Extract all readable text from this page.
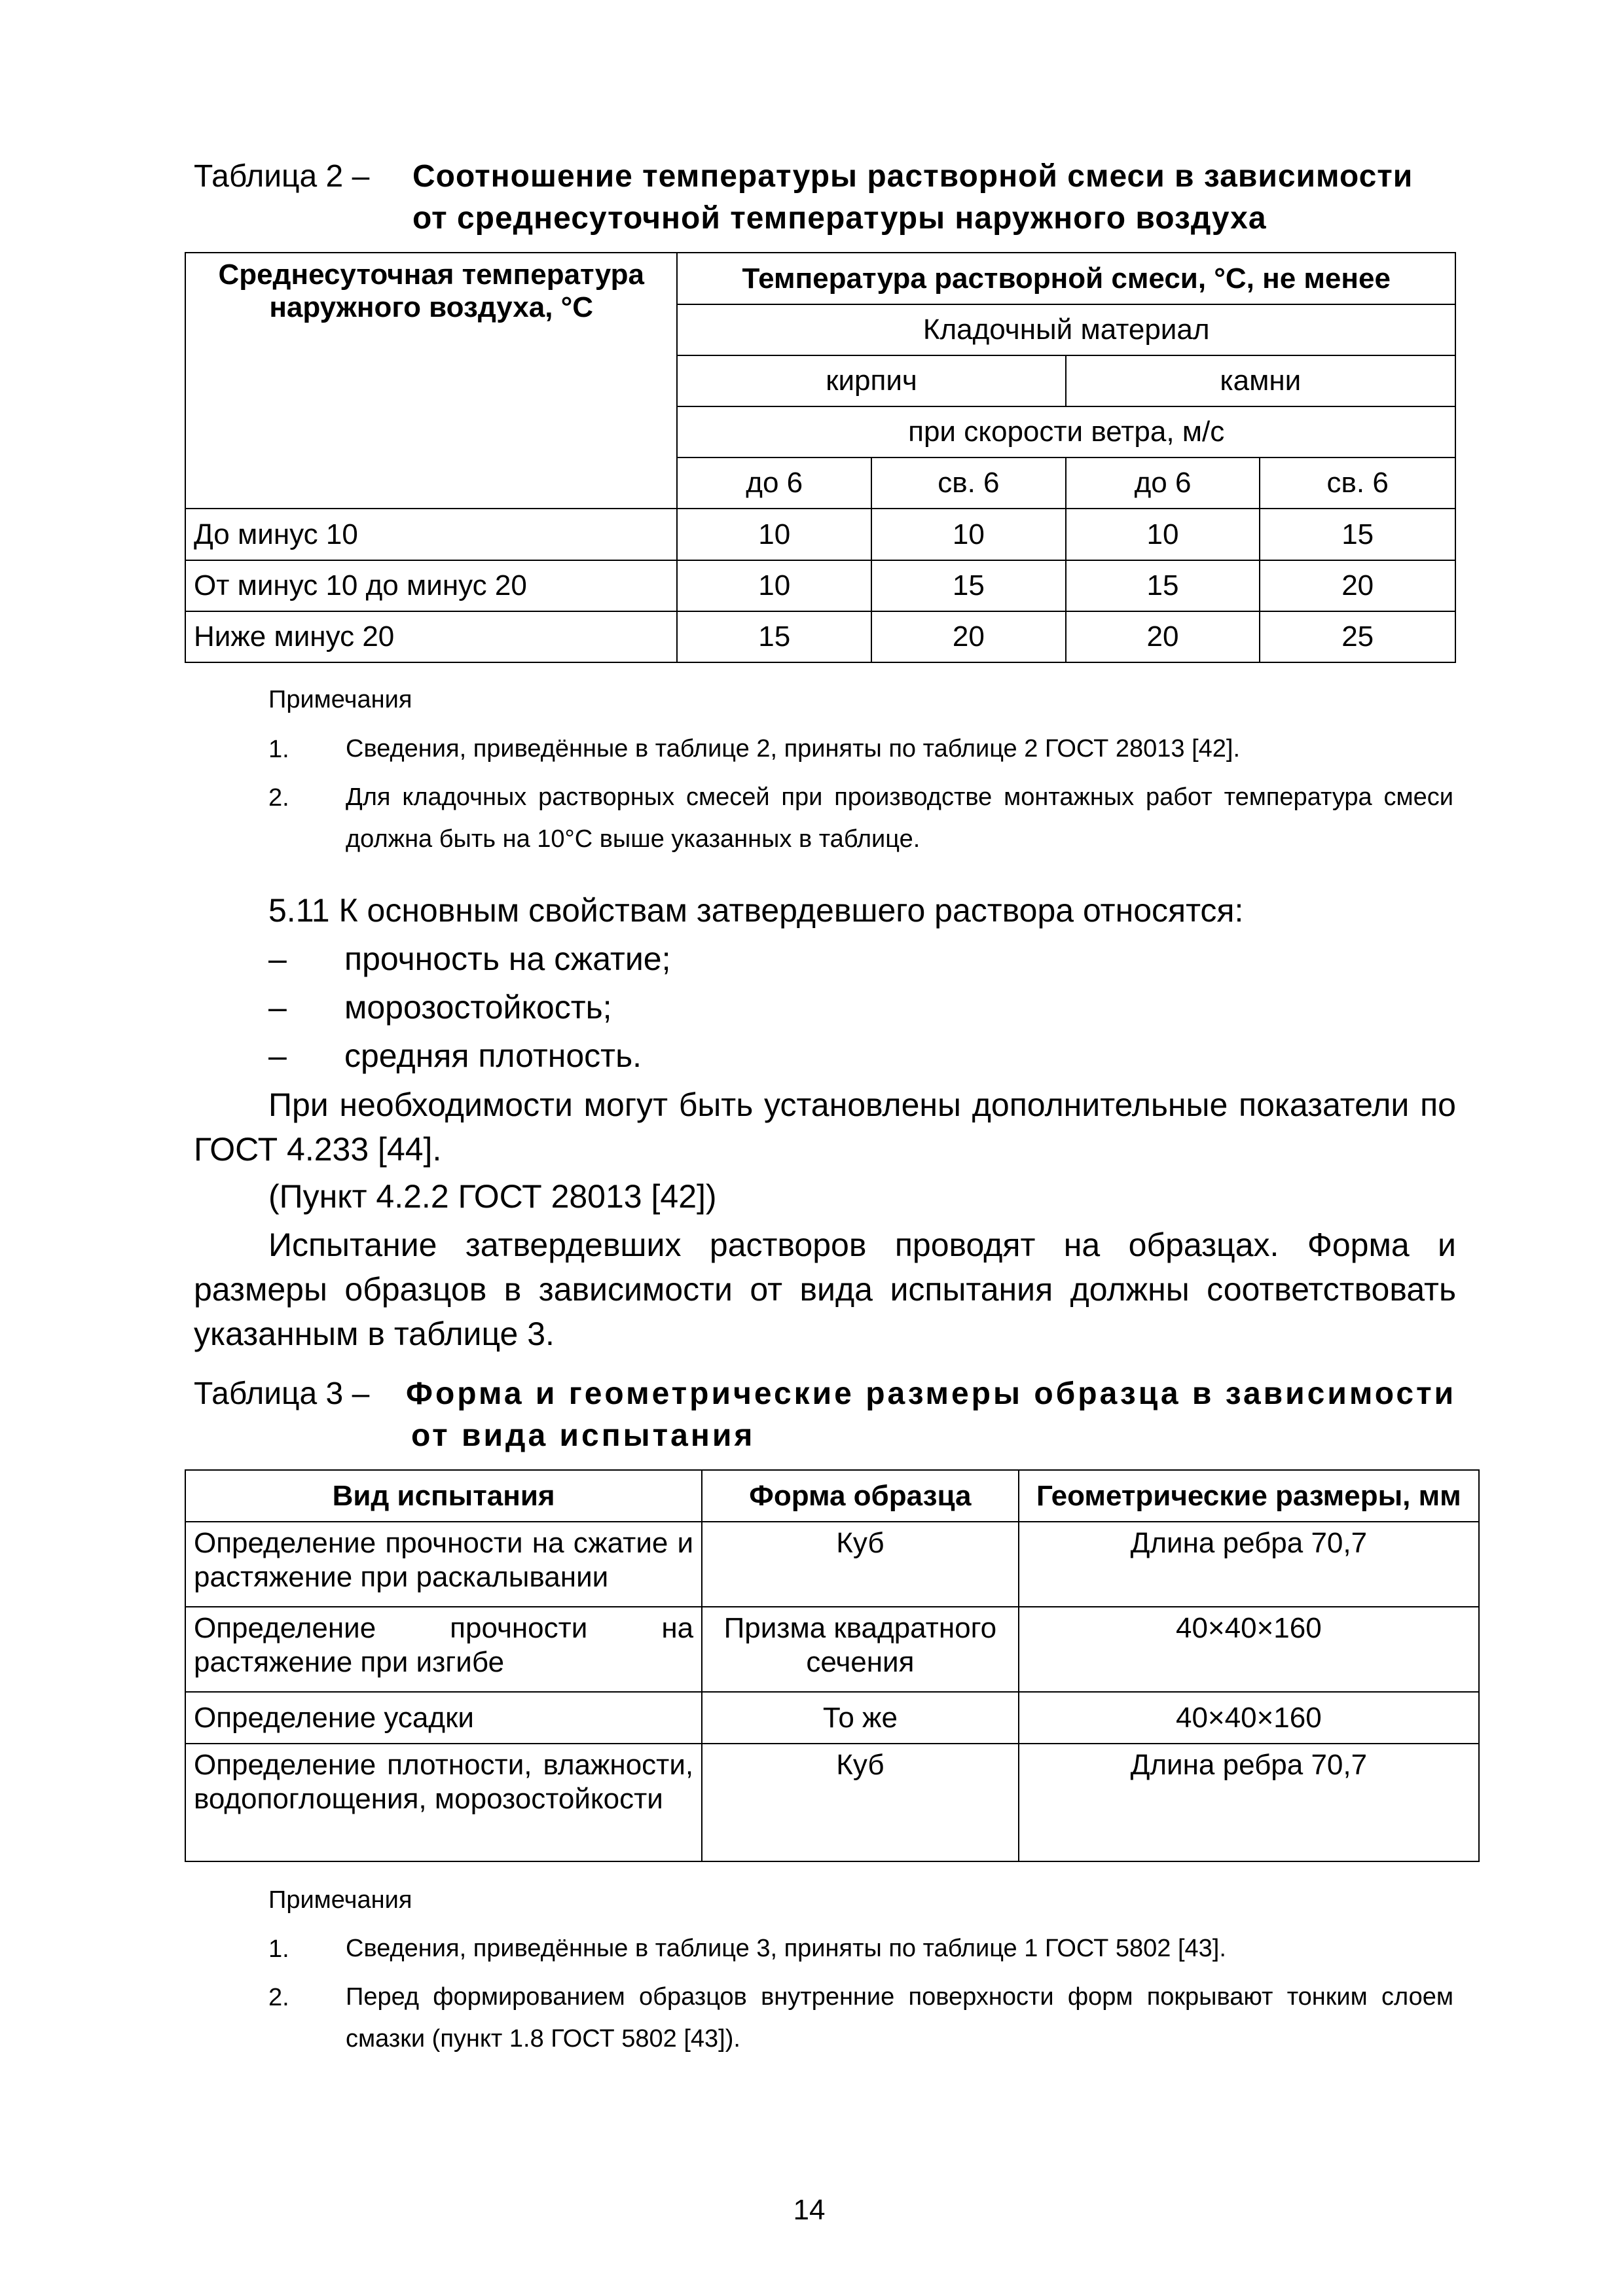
Таблица 2 – Соотношение температуры растворной смеси в зависимости
от среднесуточной температуры наружного воздуха
Среднесуточная температура наружного воздуха, °С	Температура растворной смеси, °С, не менее			
	Кладочный материал			
	кирпич		камни	
	при скорости ветра, м/с			
	до 6	св. 6	до 6	св. 6
До минус 10	10	10	10	15
От минус 10 до минус 20	10	15	15	20
Ниже минус 20	15	20	20	25
Примечания
1. Сведения, приведённые в таблице 2, приняты по таблице 2 ГОСТ 28013 [42].
2. Для кладочных растворных смесей при производстве монтажных работ температура смеси должна быть на 10°С выше указанных в таблице.
5.11 К основным свойствам затвердевшего раствора относятся:
– прочность на сжатие;
– морозостойкость;
– средняя плотность.
При необходимости могут быть установлены дополнительные показатели по ГОСТ 4.233 [44].
(Пункт 4.2.2 ГОСТ 28013 [42])
Испытание затвердевших растворов проводят на образцах. Форма и размеры образцов в зависимости от вида испытания должны соответствовать указанным в таблице 3.
Таблица 3 – Форма и геометрические размеры образца в зависимости
от вида испытания
Вид испытания	Форма образца	Геометрические размеры, мм
Определение прочности на сжатие и растяжение при раскалывании	Куб	Длина ребра 70,7
Определение прочности на растяжение при изгибе	Призма квадратного сечения	40×40×160
Определение усадки	То же	40×40×160
Определение плотности, влажности, водопоглощения, морозостойкости	Куб	Длина ребра 70,7
Примечания
1. Сведения, приведённые в таблице 3, приняты по таблице 1 ГОСТ 5802 [43].
2. Перед формированием образцов внутренние поверхности форм покрывают тонким слоем смазки (пункт 1.8 ГОСТ 5802 [43]).
14
